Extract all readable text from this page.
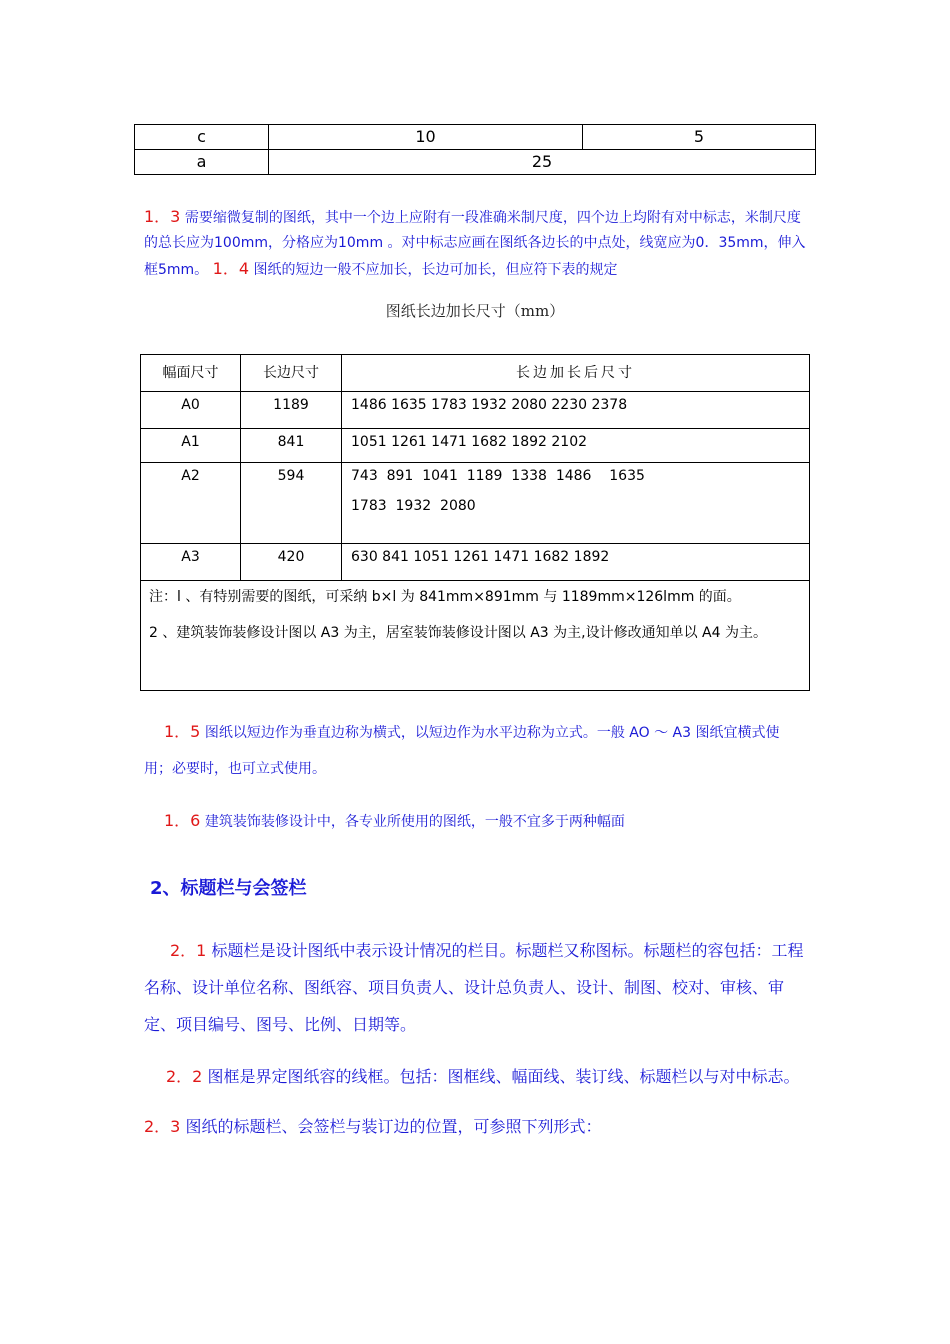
c	10	5
a	25	
1．3 需要缩微复制的图纸，其中一个边上应附有一段准确米制尺度，四个边上均附有对中标志，米制尺度的总长应为100mm，分格应为10mm 。对中标志应画在图纸各边长的中点处，线宽应为0．35mm，伸入框5mm。 1．4 图纸的短边一般不应加长，长边可加长，但应符下表的规定
图纸长边加长尺寸（mm）
幅面尺寸	长边尺寸	长边加长后尺寸
A0	1189	1486 1635 1783 1932 2080 2230 2378
A1	841	1051 1261 1471 1682 1892 2102
A2	594	743  891  1041  1189  1338  1486    1635
1783  1932  2080

A3	420	630 841 1051 1261 1471 1682 1892

注：l 、有特别需要的图纸，可采纳 b×l 为 841mm×891mm 与 1189mm×126lmm 的面。
2 、建筑装饰装修设计图以 A3 为主，居室装饰装修设计图以 A3 为主,设计修改通知单以 A4 为主。		
1．5 图纸以短边作为垂直边称为横式，以短边作为水平边称为立式。一般 AO ～ A3 图纸宜横式使用；必要时，也可立式使用。
1．6 建筑装饰装修设计中，各专业所使用的图纸，一般不宜多于两种幅面
2、标题栏与会签栏
2．1 标题栏是设计图纸中表示设计情况的栏目。标题栏又称图标。标题栏的容包括：工程名称、设计单位名称、图纸容、项目负责人、设计总负责人、设计、制图、校对、审核、审定、项目编号、图号、比例、日期等。
2．2 图框是界定图纸容的线框。包括：图框线、幅面线、装订线、标题栏以与对中标志。
2．3 图纸的标题栏、会签栏与装订边的位置，可参照下列形式：
